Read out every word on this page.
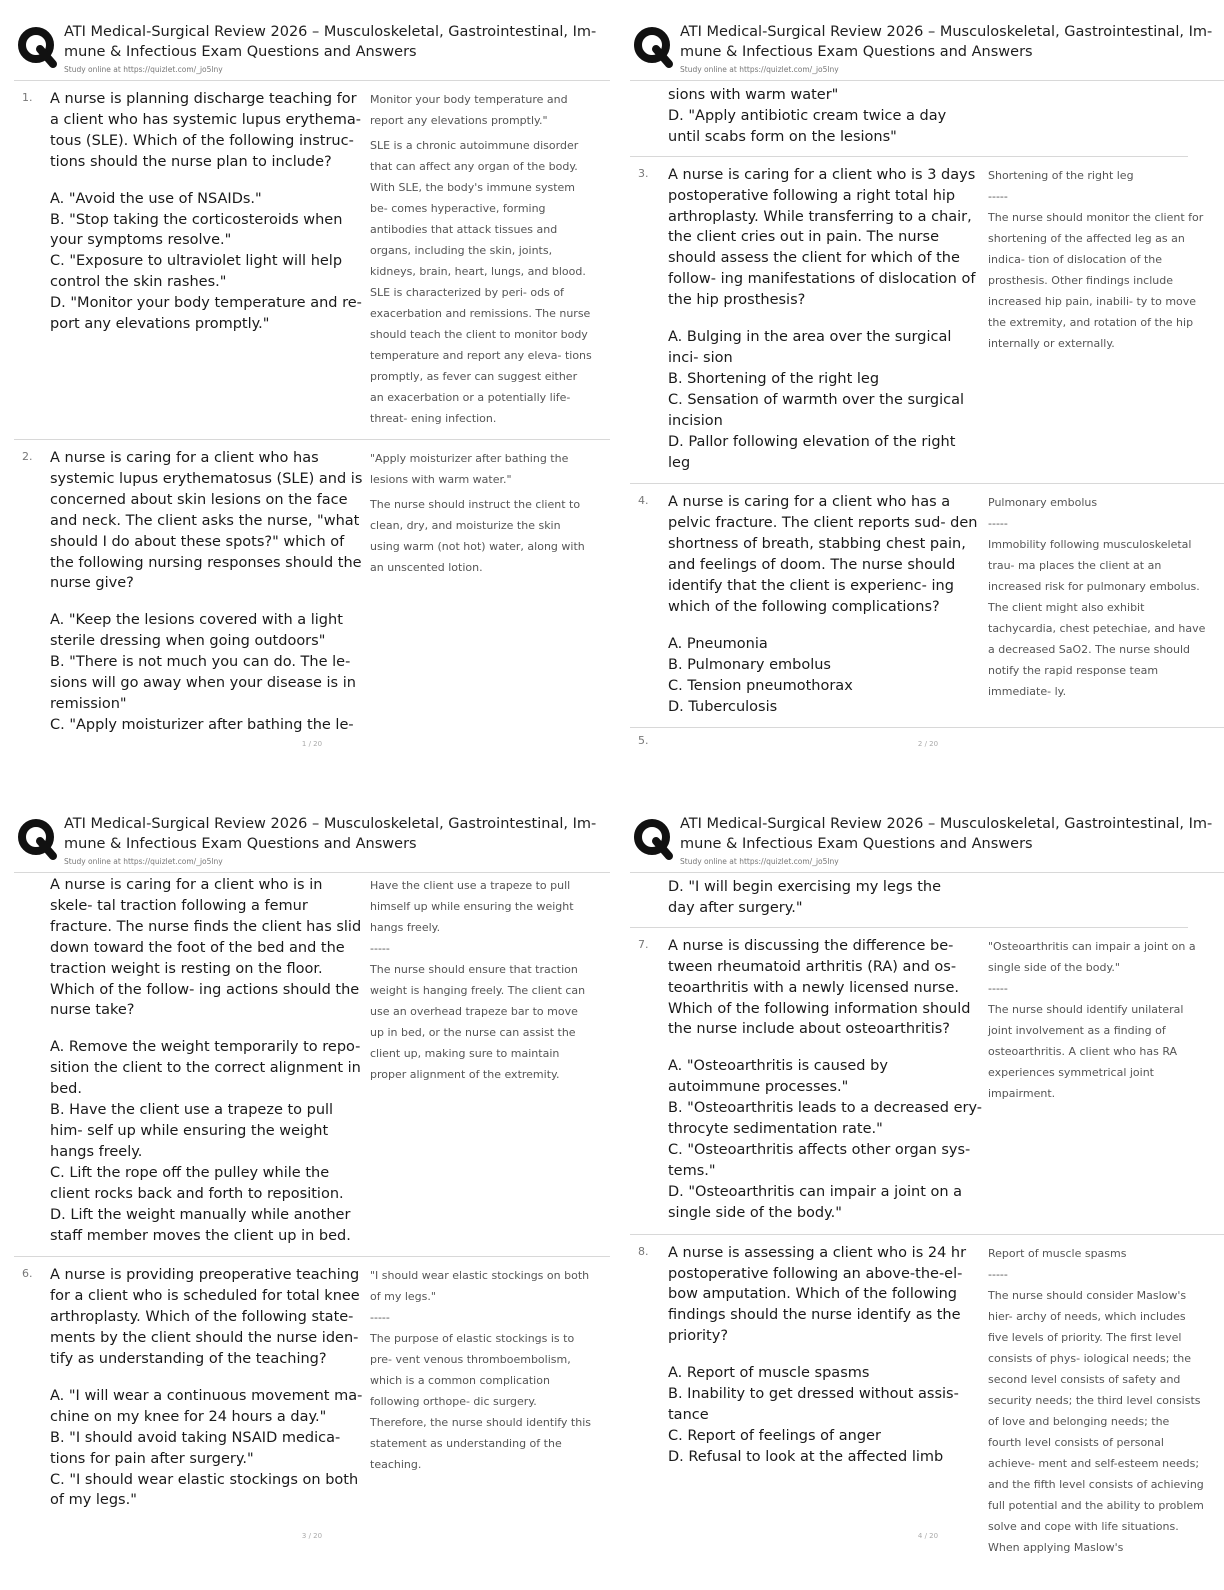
ATI Medical-Surgical Review 2026 – Musculoskeletal, Gastrointestinal, Im- mune & Infectious Exam Questions and Answers
Study online at https://quizlet.com/_jo5lny
1.	A nurse is planning discharge teaching for a client who has systemic lupus erythema- tous (SLE). Which of the following instruc- tions should the nurse plan to include?
A. "Avoid the use of NSAIDs."
B. "Stop taking the corticosteroids when your symptoms resolve."
C. "Exposure to ultraviolet light will help control the skin rashes."
D. "Monitor your body temperature and re- port any elevations promptly."
Monitor your body temperature and report any elevations promptly."
SLE is a chronic autoimmune disorder that can affect any organ of the body. With SLE, the body's immune system be- comes hyperactive, forming antibodies that attack tissues and organs, including the skin, joints, kidneys, brain, heart, lungs, and blood. SLE is characterized by peri- ods of exacerbation and remissions. The nurse should teach the client to monitor body temperature and report any eleva- tions promptly, as fever can suggest either an exacerbation or a potentially life-threat- ening infection.
2.	A nurse is caring for a client who has systemic lupus erythematosus (SLE) and is concerned about skin lesions on the face and neck. The client asks the nurse, "what should I do about these spots?" which of the following nursing responses should the nurse give?
A. "Keep the lesions covered with a light sterile dressing when going outdoors"
B. "There is not much you can do. The le- sions will go away when your disease is in remission"
C. "Apply moisturizer after bathing the le-
"Apply moisturizer after bathing the lesions with warm water."
The nurse should instruct the client to clean, dry, and moisturize the skin using warm (not hot) water, along with an unscented lotion.
1 / 20
ATI Medical-Surgical Review 2026 – Musculoskeletal, Gastrointestinal, Im- mune & Infectious Exam Questions and Answers
Study online at https://quizlet.com/_jo5lny
sions with warm water"
D. "Apply antibiotic cream twice a day until scabs form on the lesions"
3.	A nurse is caring for a client who is 3 days postoperative following a right total hip arthroplasty. While transferring to a chair, the client cries out in pain. The nurse should assess the client for which of the follow- ing manifestations of dislocation of the hip prosthesis?
A. Bulging in the area over the surgical inci- sion
B. Shortening of the right leg
C. Sensation of warmth over the surgical incision
D. Pallor following elevation of the right leg
Shortening of the right leg
-----
The nurse should monitor the client for shortening of the affected leg as an indica- tion of dislocation of the prosthesis. Other findings include increased hip pain, inabili- ty to move the extremity, and rotation of the hip internally or externally.
4.	A nurse is caring for a client who has a pelvic fracture. The client reports sud- den shortness of breath, stabbing chest pain, and feelings of doom. The nurse should identify that the client is experienc- ing which of the following complications?
A. Pneumonia
B. Pulmonary embolus
C. Tension pneumothorax
D. Tuberculosis
Pulmonary embolus
-----
Immobility following musculoskeletal trau- ma places the client at an increased risk for pulmonary embolus. The client might also exhibit tachycardia, chest petechiae, and have a decreased SaO2. The nurse should notify the rapid response team immediate- ly.
5.	2 / 20
ATI Medical-Surgical Review 2026 – Musculoskeletal, Gastrointestinal, Im- mune & Infectious Exam Questions and Answers
Study online at https://quizlet.com/_jo5lny
A nurse is caring for a client who is in skele- tal traction following a femur fracture. The nurse finds the client has slid down toward the foot of the bed and the traction weight is resting on the floor. Which of the follow- ing actions should the nurse take?
A. Remove the weight temporarily to repo- sition the client to the correct alignment in bed.
B. Have the client use a trapeze to pull him- self up while ensuring the weight hangs freely.
C. Lift the rope off the pulley while the client rocks back and forth to reposition.
D. Lift the weight manually while another staff member moves the client up in bed.
Have the client use a trapeze to pull himself up while ensuring the weight hangs freely.
-----
The nurse should ensure that traction weight is hanging freely. The client can use an overhead trapeze bar to move up in bed, or the nurse can assist the client up, making sure to maintain proper alignment of the extremity.
6.	A nurse is providing preoperative teaching for a client who is scheduled for total knee arthroplasty. Which of the following state- ments by the client should the nurse iden- tify as understanding of the teaching?
A. "I will wear a continuous movement ma- chine on my knee for 24 hours a day."
B. "I should avoid taking NSAID medica- tions for pain after surgery."
C. "I should wear elastic stockings on both of my legs."
"I should wear elastic stockings on both of my legs."
-----
The purpose of elastic stockings is to pre- vent venous thromboembolism, which is a common complication following orthope- dic surgery. Therefore, the nurse should identify this statement as understanding of the teaching.
3 / 20
ATI Medical-Surgical Review 2026 – Musculoskeletal, Gastrointestinal, Im- mune & Infectious Exam Questions and Answers
Study online at https://quizlet.com/_jo5lny
D. "I will begin exercising my legs the day after surgery."
7.	A nurse is discussing the difference be- tween rheumatoid arthritis (RA) and os- teoarthritis with a newly licensed nurse. Which of the following information should the nurse include about osteoarthritis?
A. "Osteoarthritis is caused by autoimmune processes."
B. "Osteoarthritis leads to a decreased ery- throcyte sedimentation rate."
C. "Osteoarthritis affects other organ sys- tems."
D. "Osteoarthritis can impair a joint on a single side of the body."
"Osteoarthritis can impair a joint on a single side of the body."
-----
The nurse should identify unilateral joint involvement as a finding of osteoarthritis. A client who has RA experiences symmetrical joint impairment.
8.	A nurse is assessing a client who is 24 hr postoperative following an above-the-el- bow amputation. Which of the following findings should the nurse identify as the priority?
A. Report of muscle spasms
B. Inability to get dressed without assis- tance
C. Report of feelings of anger
D. Refusal to look at the affected limb
Report of muscle spasms
-----
The nurse should consider Maslow's hier- archy of needs, which includes five levels of priority. The first level consists of phys- iological needs; the second level consists of safety and security needs; the third level consists of love and belonging needs; the fourth level consists of personal achieve- ment and self-esteem needs; and the fifth level consists of achieving full potential and the ability to problem solve and cope with life situations. When applying Maslow's
4 / 20
